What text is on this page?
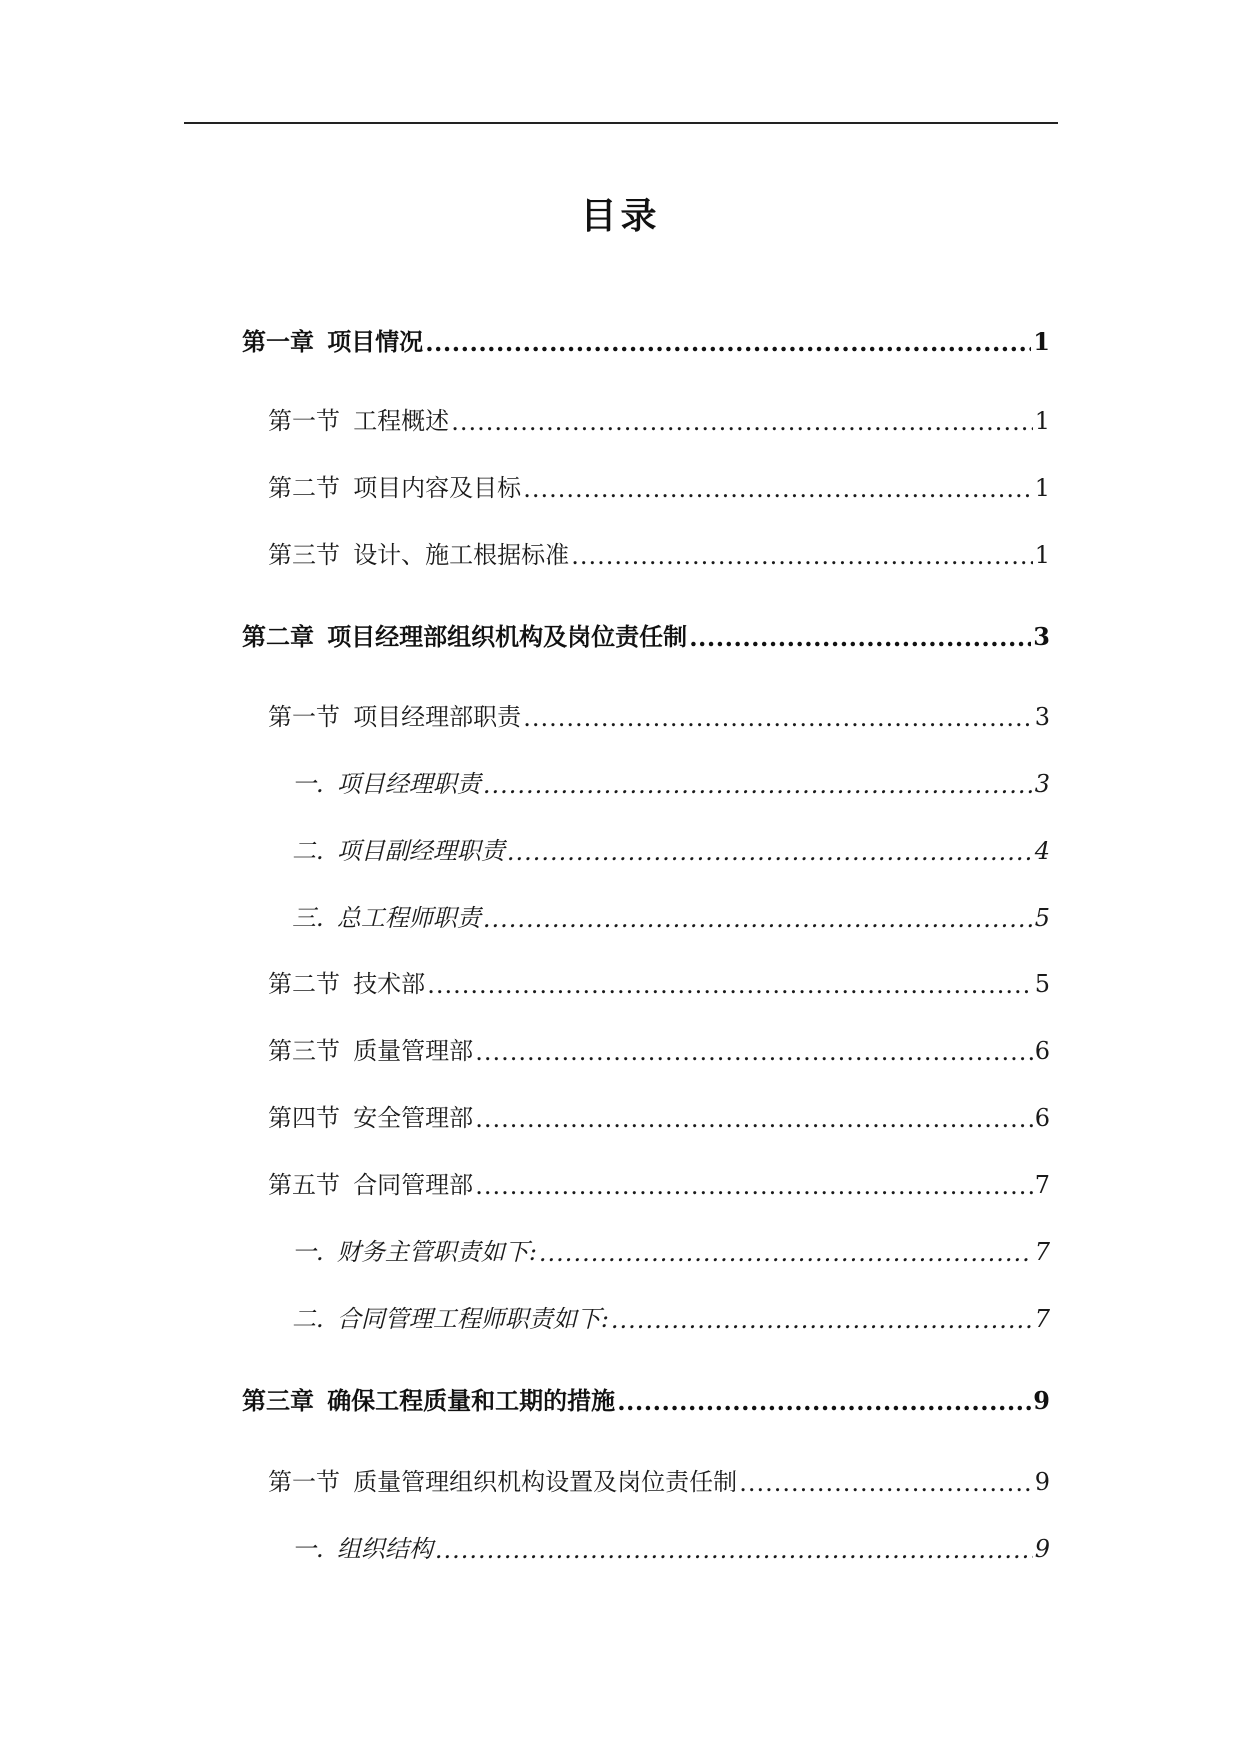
目录
第一章 项目情况 .....	1
第一节 工程概述 .....	1
第二节 项目内容及目标 .....	1
第三节 设计、施工根据标准 .....	1
第二章 项目经理部组织机构及岗位责任制 .....	3
第一节 项目经理部职责 .....	3
一. 项目经理职责 .....	3
二. 项目副经理职责 .....	4
三. 总工程师职责 .....	5
第二节 技术部 .....	5
第三节 质量管理部 .....	6
第四节 安全管理部 .....	6
第五节 合同管理部 .....	7
一. 财务主管职责如下: .....	7
二. 合同管理工程师职责如下: .....	7
第三章 确保工程质量和工期的措施 .....	9
第一节 质量管理组织机构设置及岗位责任制 .....	9
一. 组织结构 .....	9
